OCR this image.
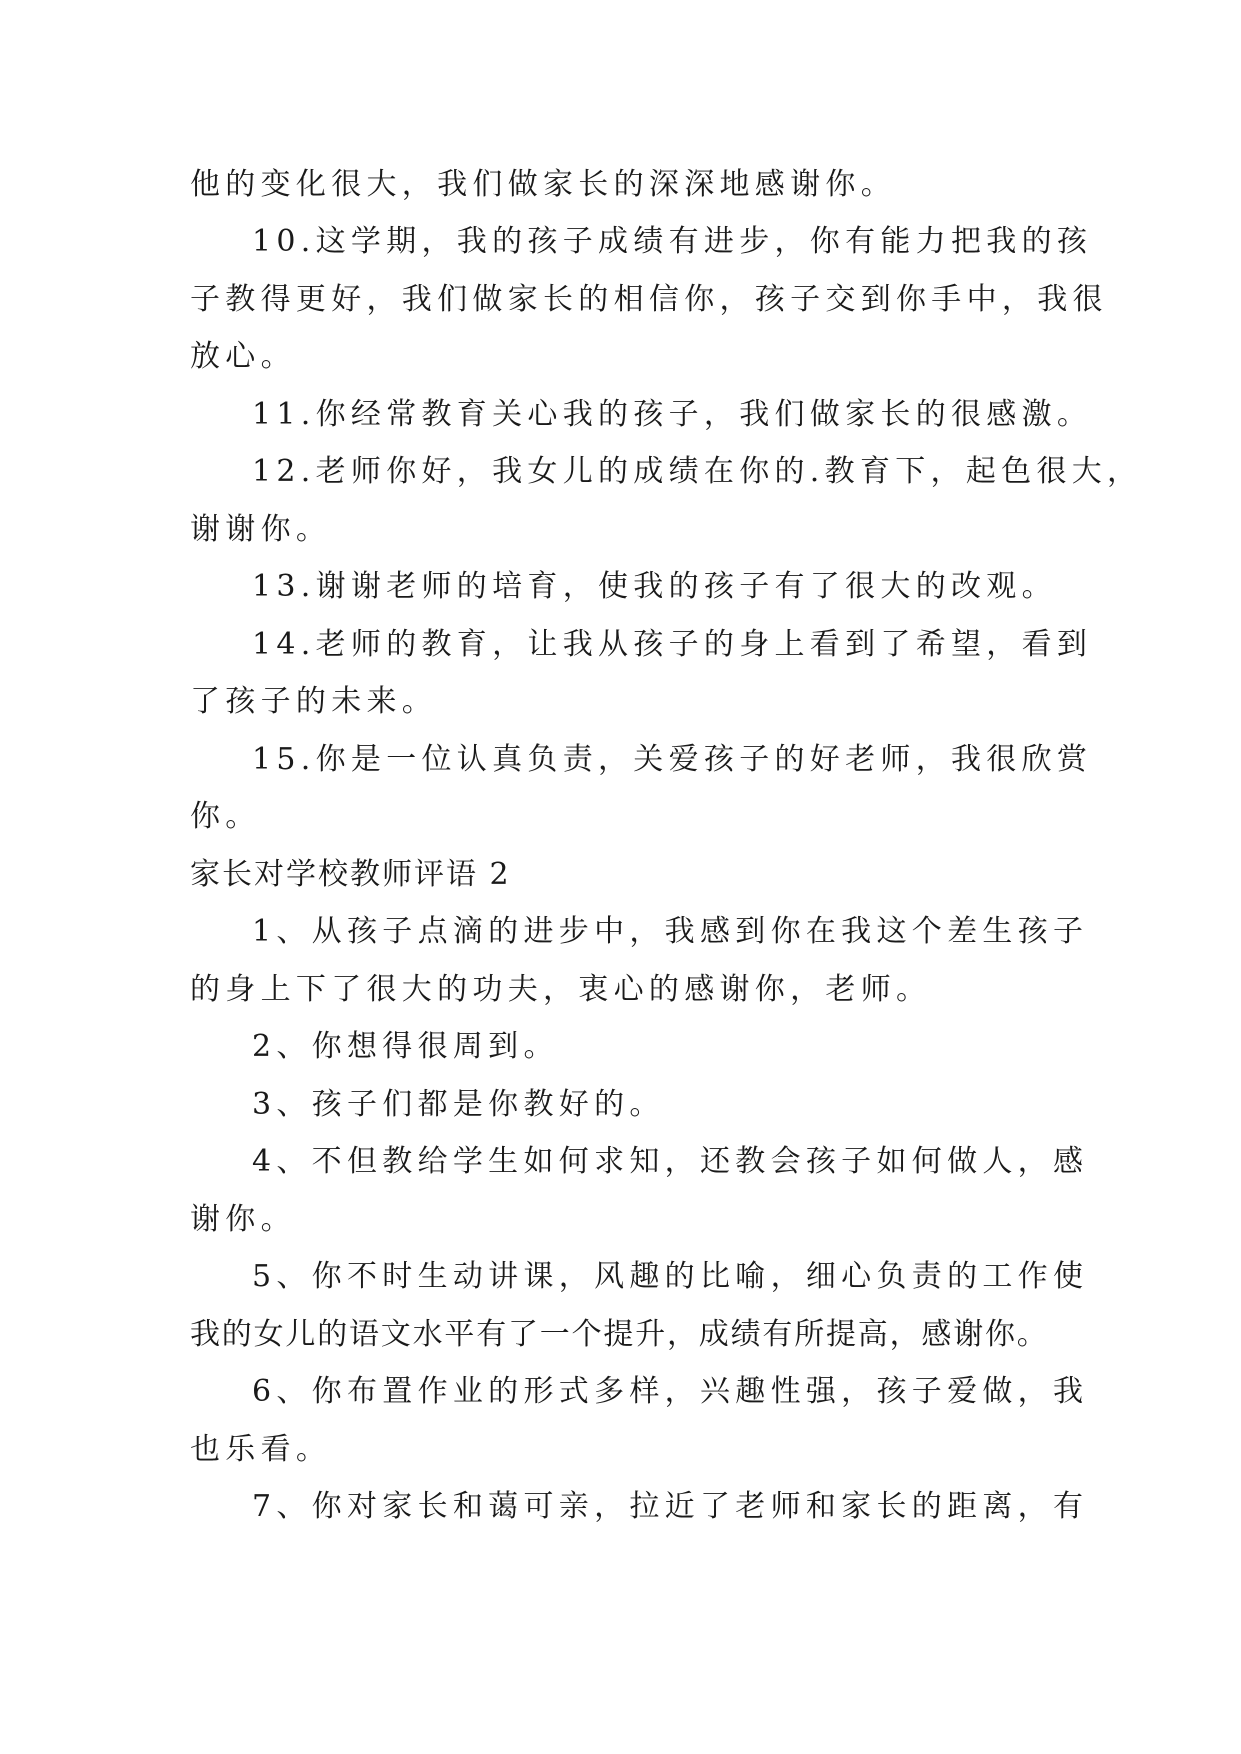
他的变化很大，我们做家长的深深地感谢你。
10.这学期，我的孩子成绩有进步，你有能力把我的孩
子教得更好，我们做家长的相信你，孩子交到你手中，我很
放心。
11.你经常教育关心我的孩子，我们做家长的很感激。
12.老师你好，我女儿的成绩在你的.教育下，起色很大，
谢谢你。
13.谢谢老师的培育，使我的孩子有了很大的改观。
14.老师的教育，让我从孩子的身上看到了希望，看到
了孩子的未来。
15.你是一位认真负责，关爱孩子的好老师，我很欣赏
你。
家长对学校教师评语 2
1、从孩子点滴的进步中，我感到你在我这个差生孩子
的身上下了很大的功夫，衷心的感谢你，老师。
2、你想得很周到。
3、孩子们都是你教好的。
4、不但教给学生如何求知，还教会孩子如何做人，感
谢你。
5、你不时生动讲课，风趣的比喻，细心负责的工作使
我的女儿的语文水平有了一个提升，成绩有所提高，感谢你。
6、你布置作业的形式多样，兴趣性强，孩子爱做，我
也乐看。
7、你对家长和蔼可亲，拉近了老师和家长的距离，有
